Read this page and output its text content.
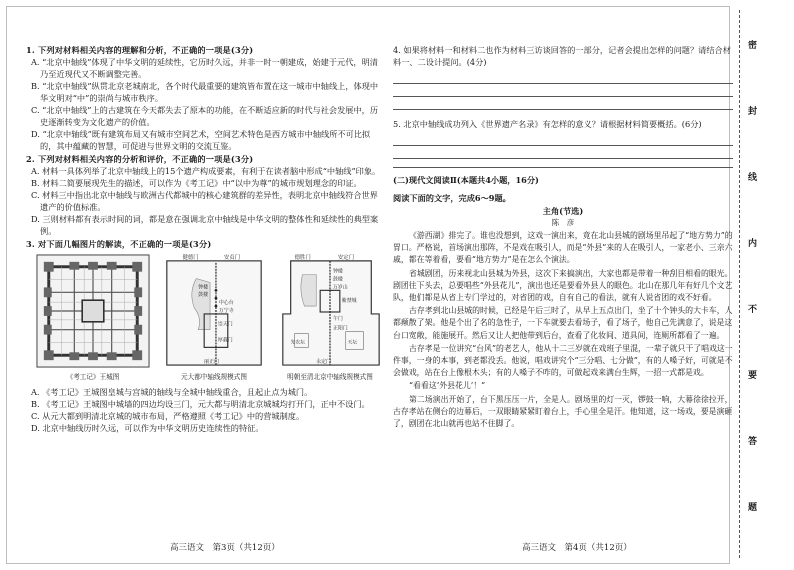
1. 下列对材料相关内容的理解和分析，不正确的一项是(3分)

A. “北京中轴线”体现了中华文明的延续性，它历时久远，并非一时一朝建成，始建于元代，明清乃至近现代又不断调整完善。

B. “北京中轴线”纵贯北京老城南北，各个时代最重要的建筑皆布置在这一城市中轴线上，体现中华文明对“中”的崇尚与城市秩序。

C. “北京中轴线”上的古建筑在今天都失去了原本的功能，在不断适应新的时代与社会发展中，历史逐渐转变为文化遗产的价值。

D. “北京中轴线”既有建筑布局又有城市空间艺术，空间艺术特色是西方城市中轴线所不可比拟的，其中蕴藏的智慧，可促进与世界文明的交流互鉴。

2. 下列对材料相关内容的分析和评价，不正确的一项是(3分)

A. 材料一具体列举了北京中轴线上的15个遗产构成要素，有利于在读者脑中形成“中轴线”印象。

B. 材料二简要展现先生的描述，可以作为《考工记》中“以中为尊”的城市规划理念的印证。

C. 材料三中指出北京中轴线与欧洲古代都城中的核心建筑群的差异性，表明北京中轴线符合世界遗产的价值标准。

D. 三则材料都有表示时间的词，都是意在强调北京中轴线是中华文明的整体性和延续性的典型案例。

3. 对下面几幅图片的解读，不正确的一项是(3分)
《考工记》王城图
健德门	安贞门
钟楼
鼓楼
中心台
万宁寺
崇天门
厚载门
丽正门
元大都中轴线规模式图
德胜门	安定门
钟楼
鼓楼
万岁山
紫禁城
午门
正阳门
永定门
先农坛	天坛
明朝至清北京中轴线规模式图

A. 《考工记》王城图皇城与宫城的轴线与全城中轴线重合，且起止点为城门。

B. 《考工记》王城图中城墙的四边均设三门，元大都与明清北京城城均打开门，正中不设门。

C. 从元大都到明清北京城的城市布局，严格遵照《考工记》中的营城制度。

D. 北京中轴线历时久远，可以作为中华文明历史连续性的特征。

高三语文　第3页（共12页）
4. 如果将材料一和材料二也作为材料三访谈回答的一部分，记者会提出怎样的问题？请结合材料一、二设计提问。(4分)
5. 北京中轴线成功列入《世界遗产名录》有怎样的意义？请根据材料简要概括。(6分)
(二)现代文阅读Ⅱ(本题共4小题，16分)
阅读下面的文字，完成6～9题。
主角(节选)
陈　彦

《游西湖》排完了。谁也没想到，这戏一演出来，竟在北山县城的剧场里吊起了“地方势力”的胃口。严格说，首场演出那阵，不是戏在吸引人，而是“外县”来的人在吸引人，一家老小、三亲六戚，都在等着看，要看“地方势力”是在怎么个演法。

省城剧团，历来视北山县城为外县，这次下来搞演出，大家也都是带着一种刮目相看的眼光。剧团往下头去，总要唱些“外县花儿”，演出也还是要看外县人的眼色。北山在那几年有好几个文艺队，他们都是从省上专门学过的，对省团的戏，自有自己的看法，就有人说省团的戏不好看。

古存孝到北山县城的时候，已经是午后三时了，从早上五点出门，坐了十个钟头的大卡车，人都颠散了架。他是个出了名的急性子，一下车就要去看场子，看了场子，他自己先满意了，说是这台口宽敞，能施展开。然后又让人把他带到后台，查看了化妆间、道具间，连厕所都看了一遍。

古存孝是一位讲究“台风”的老艺人，他从十二三岁就在戏班子里混，一辈子就只干了唱戏这一件事，一身的本事，到老都没丢。他说，唱戏讲究个“三分唱、七分做”，有的人嗓子好，可就是不会做戏，站在台上像根木头；有的人嗓子不咋的，可做起戏来满台生辉，一招一式都是戏。

“看看这‘外县花儿’！”

第二场演出开始了，台下黑压压一片，全是人。剧场里的灯一灭，锣鼓一响，大幕徐徐拉开，古存孝站在侧台的边幕后，一双眼睛紧紧盯着台上，手心里全是汗。他知道，这一场戏，要是演砸了，剧团在北山就再也站不住脚了。

高三语文　第4页（共12页）
密
封
线
内
不
要
答
题
